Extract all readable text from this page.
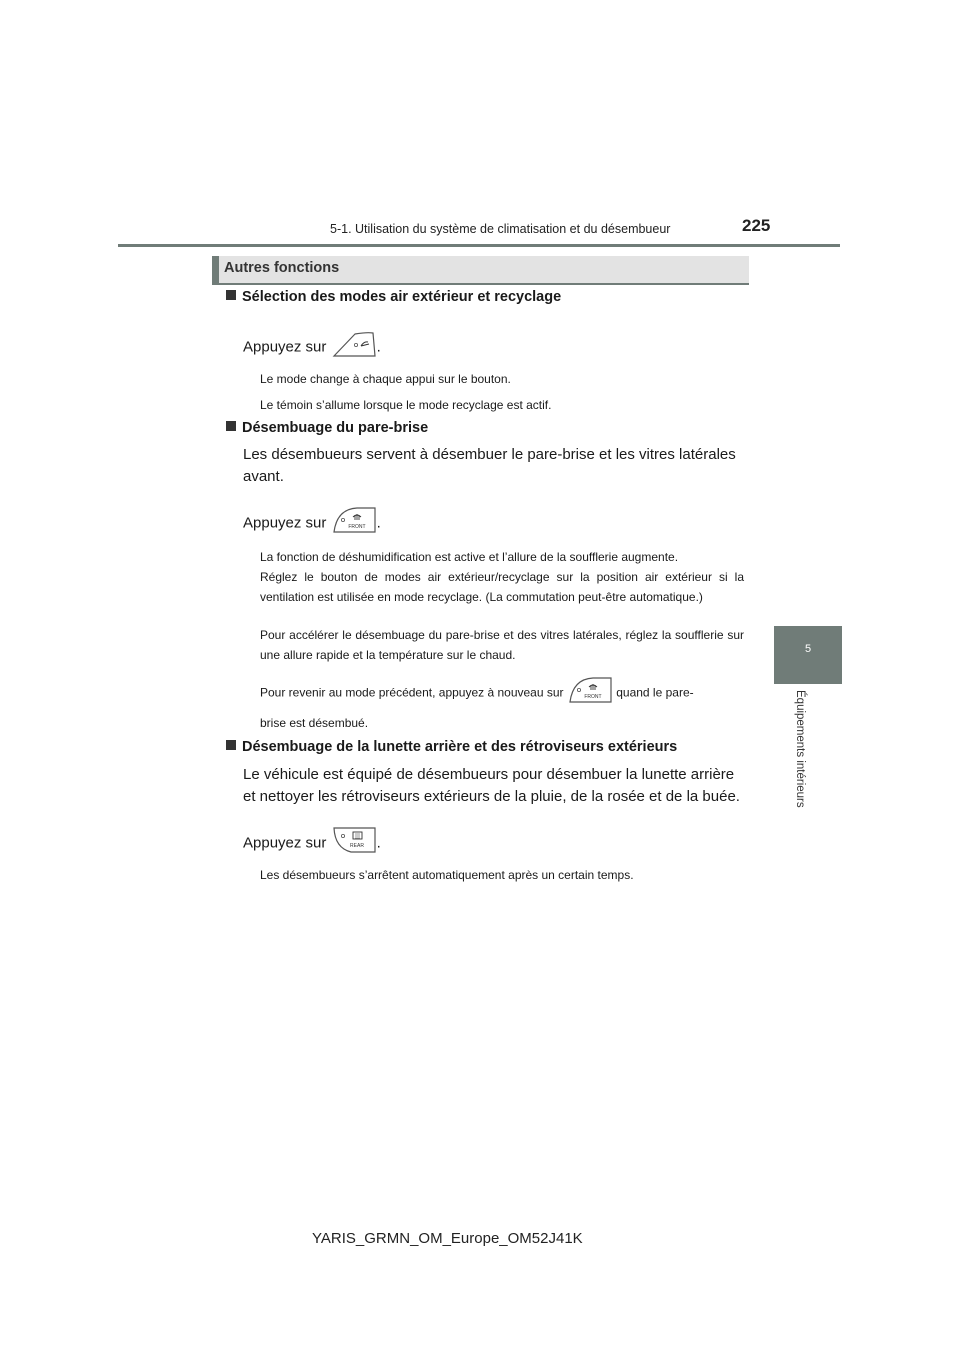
5-1. Utilisation du système de climatisation et du désembueur	225
5
Équipements intérieurs
Autres fonctions
Sélection des modes air extérieur et recyclage
Appuyez sur	.
Le mode change à chaque appui sur le bouton.
Le témoin s’allume lorsque le mode recyclage est actif.
Désembuage du pare-brise
Les désembueurs servent à désembuer le pare-brise et les vitres latérales avant.
Appuyez sur	FRONT .
La fonction de déshumidification est active et l’allure de la soufflerie augmente.
Réglez le bouton de modes air extérieur/recyclage sur la position air extérieur si la ventilation est utilisée en mode recyclage. (La commutation peut-être automatique.)
Pour accélérer le désembuage du pare-brise et des vitres latérales, réglez la soufflerie sur une allure rapide et la température sur le chaud.
Pour revenir au mode précédent, appuyez à nouveau sur	FRONT quand le pare-
brise est désembué.
Désembuage de la lunette arrière et des rétroviseurs extérieurs
Le véhicule est équipé de désembueurs pour désembuer la lunette arrière et nettoyer les rétroviseurs extérieurs de la pluie, de la rosée et de la buée.
Appuyez sur	REAR .
Les désembueurs s’arrêtent automatiquement après un certain temps.
YARIS_GRMN_OM_Europe_OM52J41K
